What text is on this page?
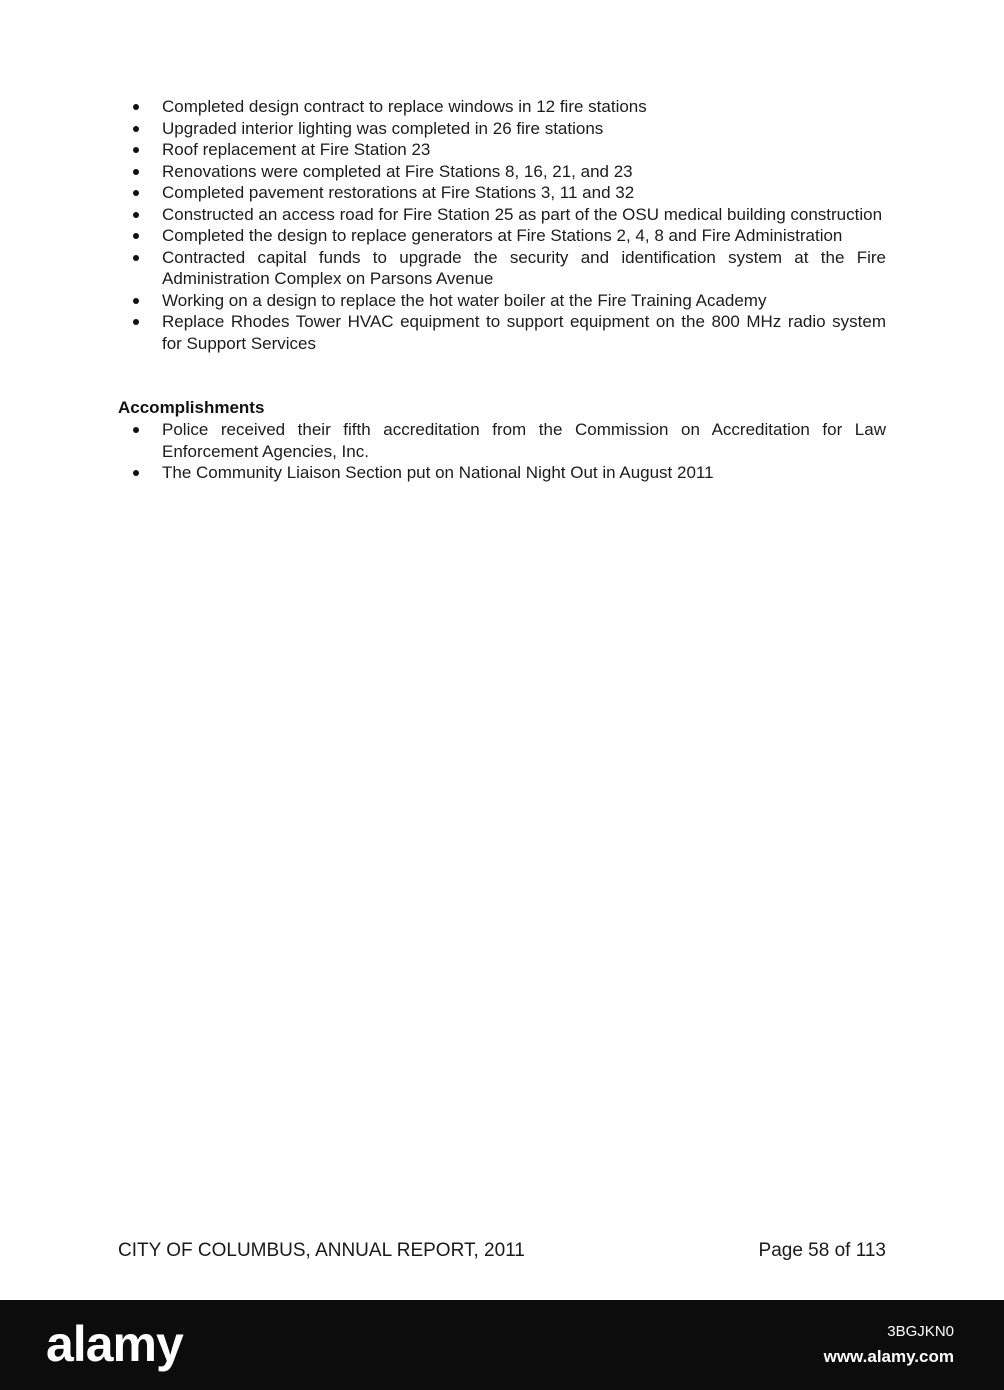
Completed design contract to replace windows in 12 fire stations
Upgraded interior lighting was completed in 26 fire stations
Roof replacement at Fire Station 23
Renovations were completed at Fire Stations 8, 16, 21, and 23
Completed pavement restorations at Fire Stations 3, 11 and 32
Constructed an access road for Fire Station 25 as part of the OSU medical building construction
Completed the design to replace generators at Fire Stations 2, 4, 8 and Fire Administration
Contracted capital funds to upgrade the security and identification system at the Fire Administration Complex on Parsons Avenue
Working on a design to replace the hot water boiler at the Fire Training Academy
Replace Rhodes Tower HVAC equipment to support equipment on the 800 MHz radio system for Support Services
Accomplishments
Police received their fifth accreditation from the Commission on Accreditation for Law Enforcement Agencies, Inc.
The Community Liaison Section put on National Night Out in August 2011
CITY OF COLUMBUS, ANNUAL REPORT, 2011	Page 58 of 113
alamy	3BGJKN0
www.alamy.com
